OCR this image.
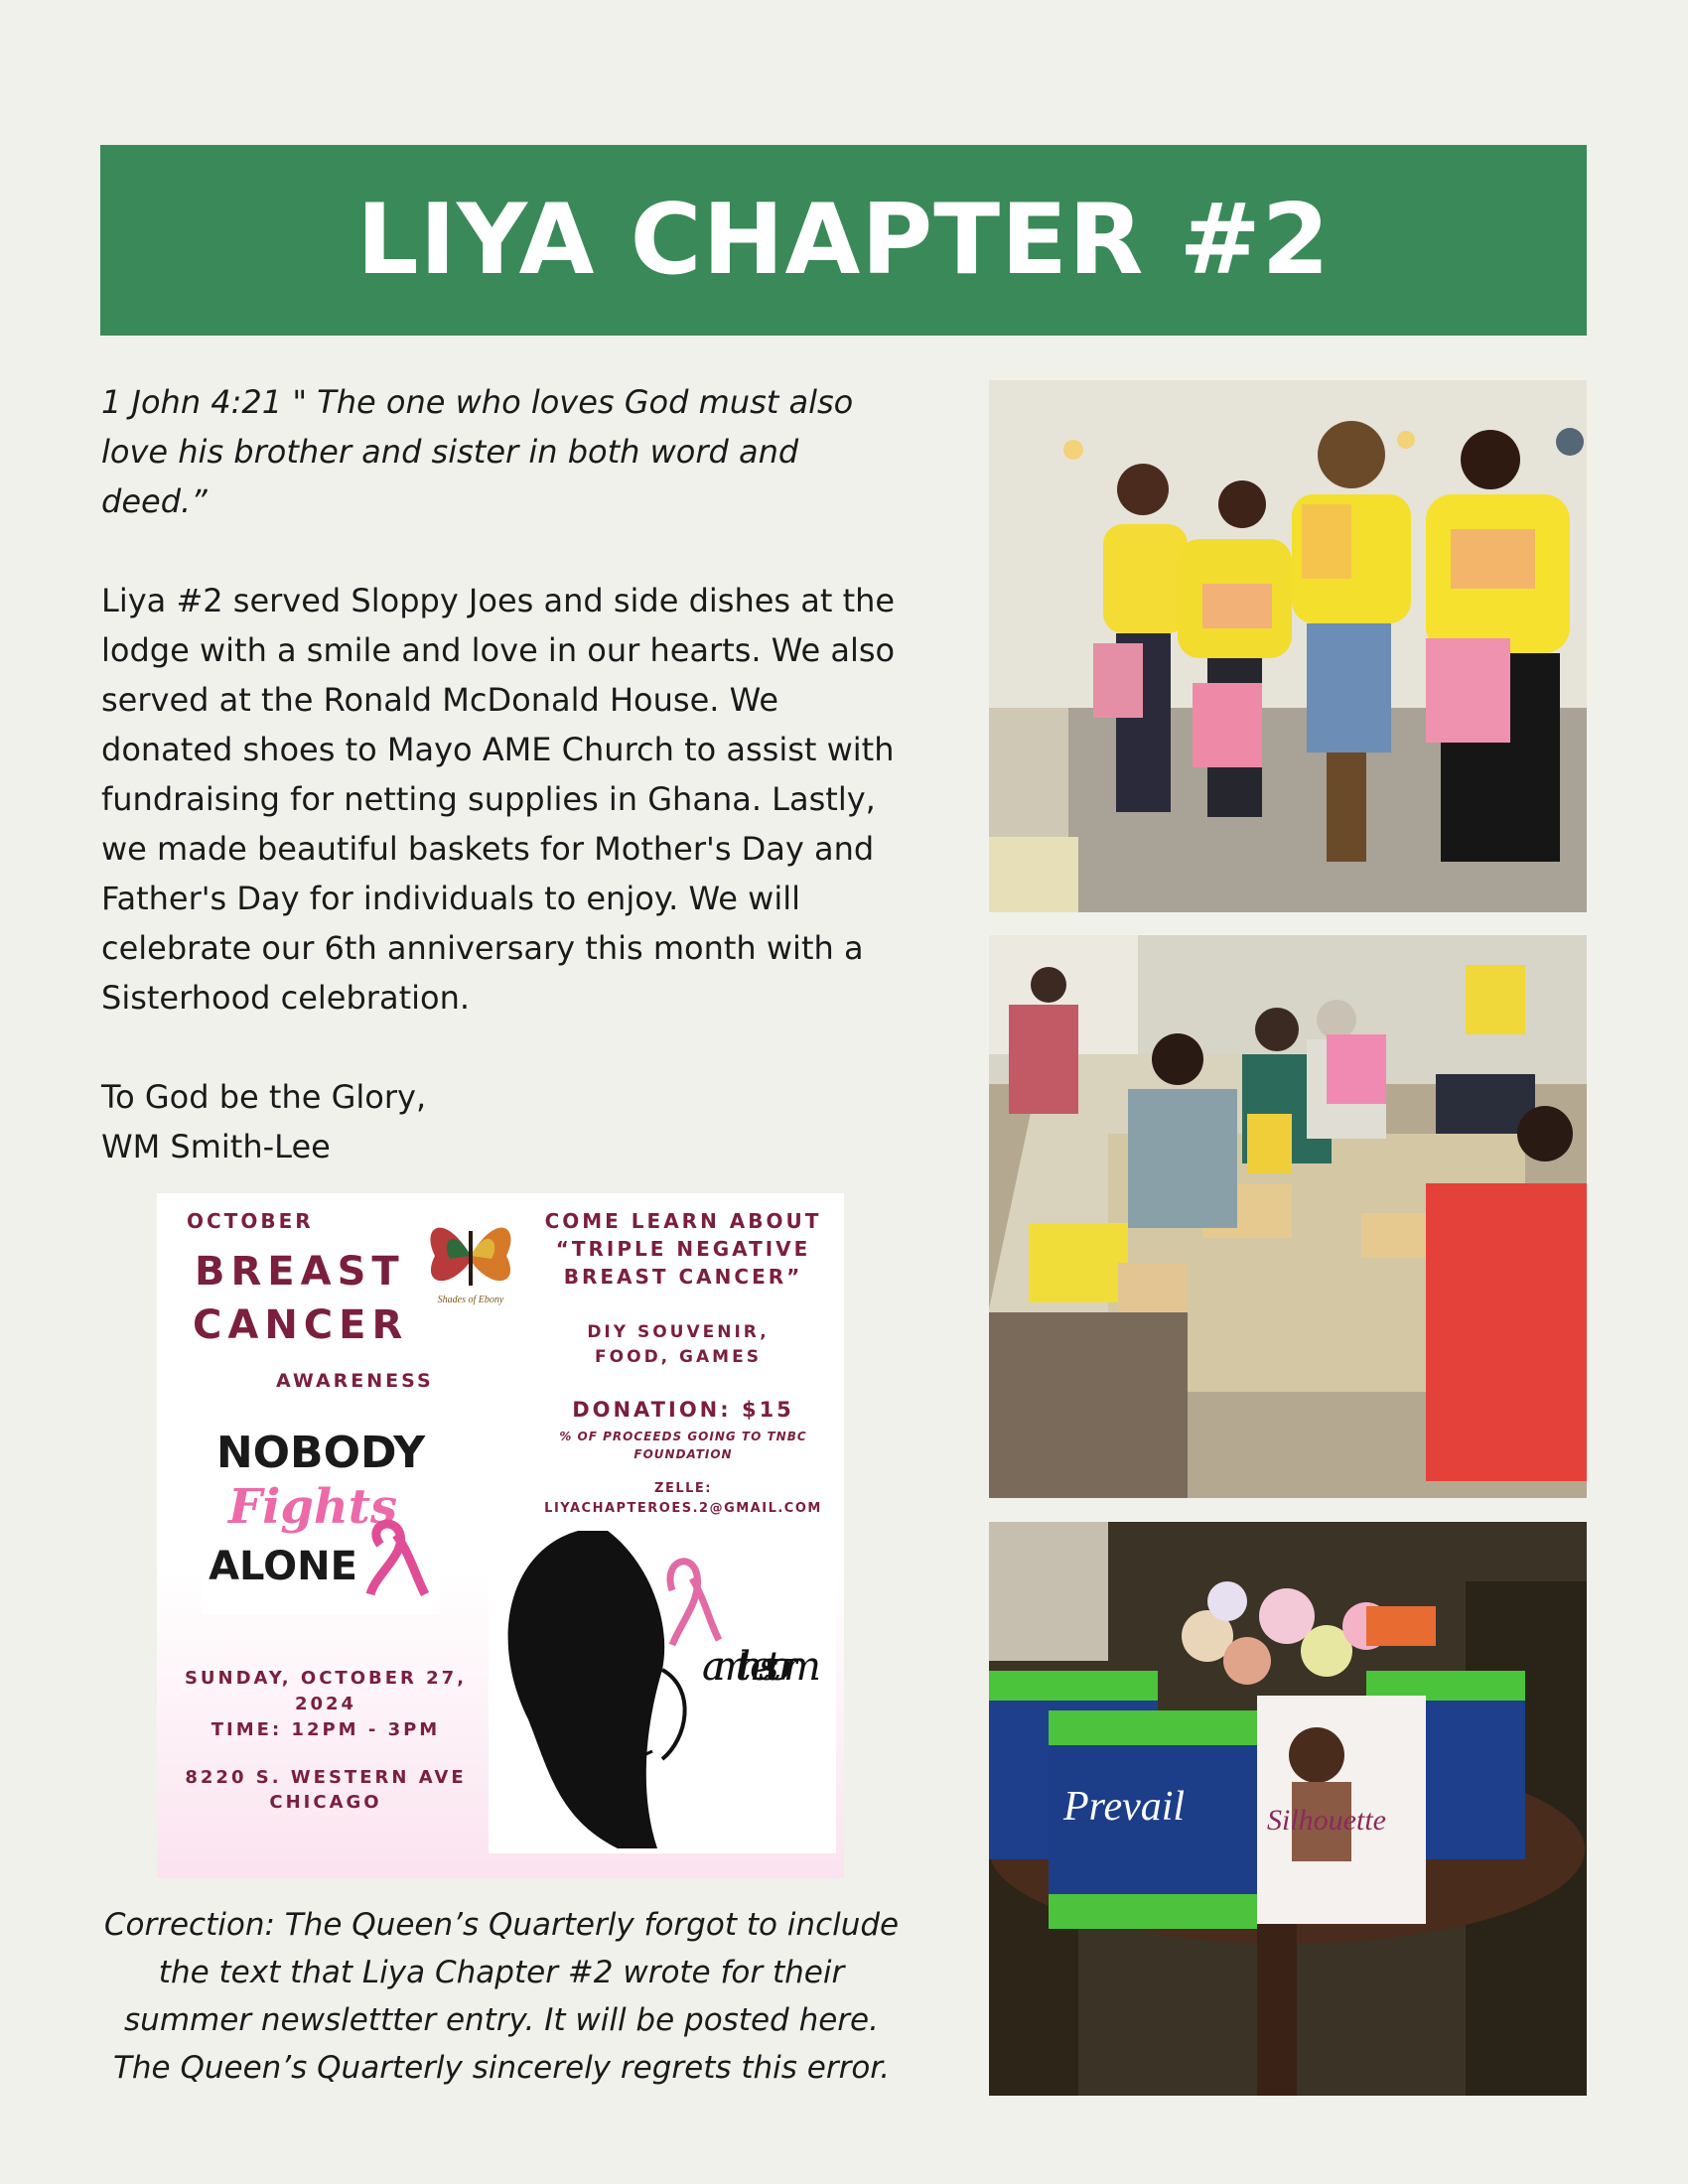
LIYA CHAPTER #2

1 John 4:21 " The one who loves God must also love his brother and sister in both word and deed.”

Liya #2 served Sloppy Joes and side dishes at the lodge with a smile and love in our hearts. We also served at the Ronald McDonald House. We donated shoes to Mayo AME Church to assist with fundraising for netting supplies in Ghana. Lastly, we made beautiful baskets for Mother's Day and Father's Day for individuals to enjoy. We will celebrate our 6th anniversary this month with a Sisterhood celebration.

To God be the Glory,

WM Smith-Lee

Prevail	Silhouette
OCTOBER
BREAST
CANCER
AWARENESS
Shades of Ebony
COME LEARN ABOUT “TRIPLE NEGATIVE BREAST CANCER”
DIY SOUVENIR, FOOD, GAMES
DONATION: $15
% OF PROCEEDS GOING TO TNBC FOUNDATION
ZELLE: LIYACHAPTEROES.2@GMAIL.COM
NOBODY
Fights
ALONE
am the storm
SUNDAY, OCTOBER 27, 2024
TIME: 12PM - 3PM
8220 S. WESTERN AVE CHICAGO
Correction: The Queen’s Quarterly forgot to include the text that Liya Chapter #2 wrote for their summer newslettter entry. It will be posted here. The Queen’s Quarterly sincerely regrets this error.
